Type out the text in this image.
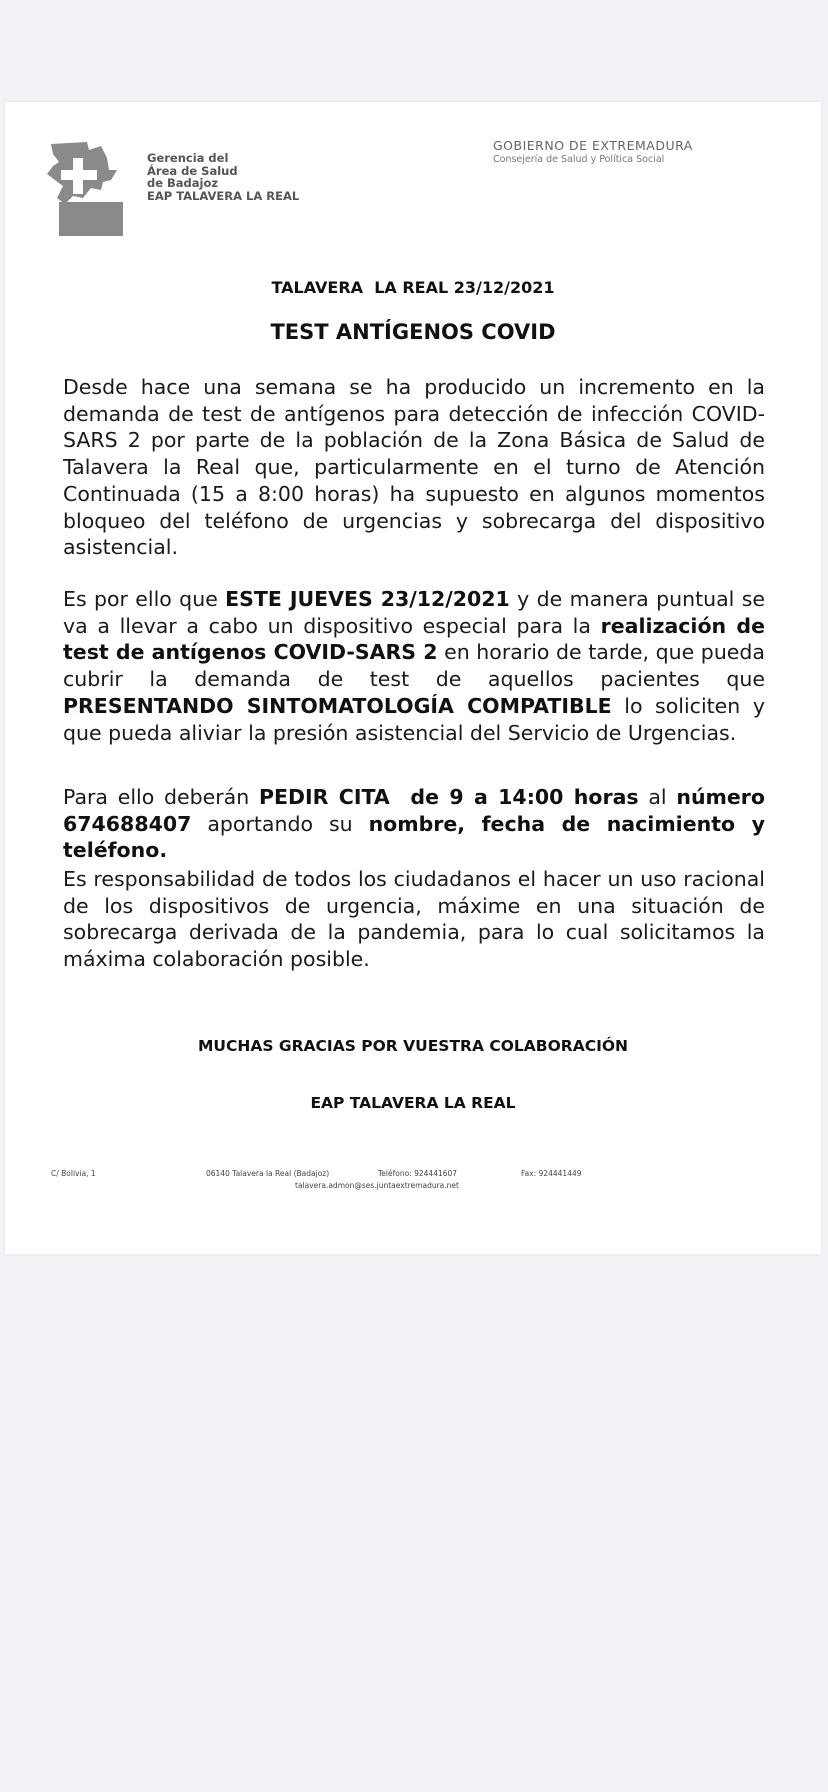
SES
Gerencia del
Área de Salud
de Badajoz
EAP TALAVERA LA REAL
GOBIERNO DE EXTREMADURA
Consejería de Salud y Política Social
TALAVERA  LA REAL 23/12/2021
TEST ANTÍGENOS COVID

Desde hace una semana se ha producido un incremento en la demanda de test de antígenos para detección de infección COVID-SARS 2 por parte de la población de la Zona Básica de Salud de Talavera la Real que, particularmente en el turno de Atención Continuada (15 a 8:00 horas) ha supuesto en algunos momentos bloqueo del teléfono de urgencias y sobrecarga del dispositivo asistencial.

Es por ello que ESTE JUEVES 23/12/2021 y de manera puntual se va a llevar a cabo un dispositivo especial para la realización de test de antígenos COVID-SARS 2 en horario de tarde, que pueda cubrir la demanda de test de aquellos pacientes que PRESENTANDO SINTOMATOLOGÍA COMPATIBLE lo soliciten y que pueda aliviar la presión asistencial del Servicio de Urgencias.

Para ello deberán PEDIR CITA  de 9 a 14:00 horas al número 674688407 aportando su nombre, fecha de nacimiento y teléfono.

Es responsabilidad de todos los ciudadanos el hacer un uso racional de los dispositivos de urgencia, máxime en una situación de sobrecarga derivada de la pandemia, para lo cual solicitamos la máxima colaboración posible.

MUCHAS GRACIAS POR VUESTRA COLABORACIÓN
EAP TALAVERA LA REAL
C/ Bolivia, 1	06140 Talavera la Real (Badajoz)	Teléfono: 924441607	Fax: 924441449
talavera.admon@ses.juntaextremadura.net
